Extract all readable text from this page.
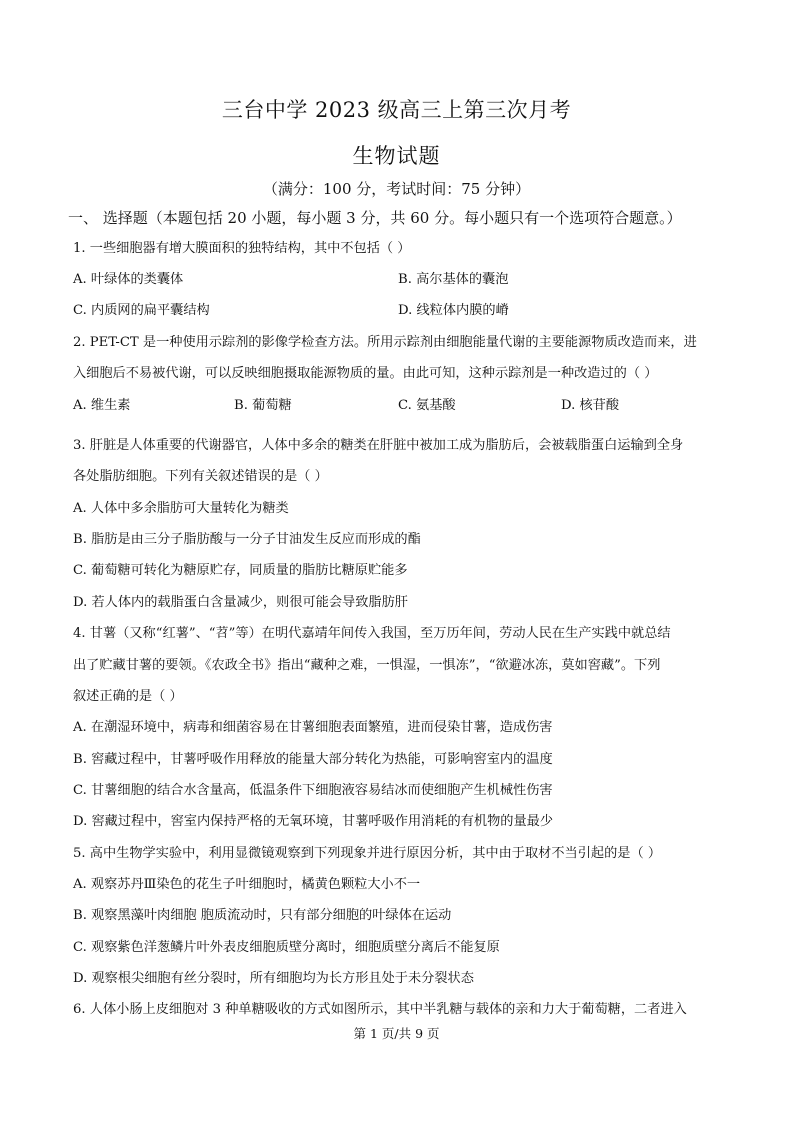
三台中学 2023 级高三上第三次月考
生物试题
（满分：100 分，考试时间：75 分钟）
一、 选择题（本题包括 20 小题，每小题 3 分，共 60 分。每小题只有一个选项符合题意。）
1. 一些细胞器有增大膜面积的独特结构，其中不包括（ ）
A. 叶绿体的类囊体	B. 高尔基体的囊泡
C. 内质网的扁平囊结构	D. 线粒体内膜的嵴
2. PET-CT 是一种使用示踪剂的影像学检查方法。所用示踪剂由细胞能量代谢的主要能源物质改造而来，进
入细胞后不易被代谢，可以反映细胞摄取能源物质的量。由此可知，这种示踪剂是一种改造过的（ ）
A. 维生素	B. 葡萄糖	C. 氨基酸	D. 核苷酸
3. 肝脏是人体重要的代谢器官，人体中多余的糖类在肝脏中被加工成为脂肪后，会被载脂蛋白运输到全身
各处脂肪细胞。下列有关叙述错误的是（ ）
A. 人体中多余脂肪可大量转化为糖类
B. 脂肪是由三分子脂肪酸与一分子甘油发生反应而形成的酯
C. 葡萄糖可转化为糖原贮存，同质量的脂肪比糖原贮能多
D. 若人体内的载脂蛋白含量减少，则很可能会导致脂肪肝
4. 甘薯（又称“红薯”、“苕”等）在明代嘉靖年间传入我国，至万历年间，劳动人民在生产实践中就总结
出了贮藏甘薯的要领。《农政全书》指出“藏种之难，一惧湿，一惧冻”，“欲避冰冻，莫如窖藏”。下列
叙述正确的是（ ）
A. 在潮湿环境中，病毒和细菌容易在甘薯细胞表面繁殖，进而侵染甘薯，造成伤害
B. 窖藏过程中，甘薯呼吸作用释放的能量大部分转化为热能，可影响窖室内的温度
C. 甘薯细胞的结合水含量高，低温条件下细胞液容易结冰而使细胞产生机械性伤害
D. 窖藏过程中，窖室内保持严格的无氧环境，甘薯呼吸作用消耗的有机物的量最少
5. 高中生物学实验中，利用显微镜观察到下列现象并进行原因分析，其中由于取材不当引起的是（ ）
A. 观察苏丹Ⅲ染色的花生子叶细胞时，橘黄色颗粒大小不一
B. 观察黑藻叶肉细胞 胞质流动时，只有部分细胞的叶绿体在运动
C. 观察紫色洋葱鳞片叶外表皮细胞质壁分离时，细胞质壁分离后不能复原
D. 观察根尖细胞有丝分裂时，所有细胞均为长方形且处于未分裂状态
6. 人体小肠上皮细胞对 3 种单糖吸收的方式如图所示，其中半乳糖与载体的亲和力大于葡萄糖，二者进入
第 1 页/共 9 页
